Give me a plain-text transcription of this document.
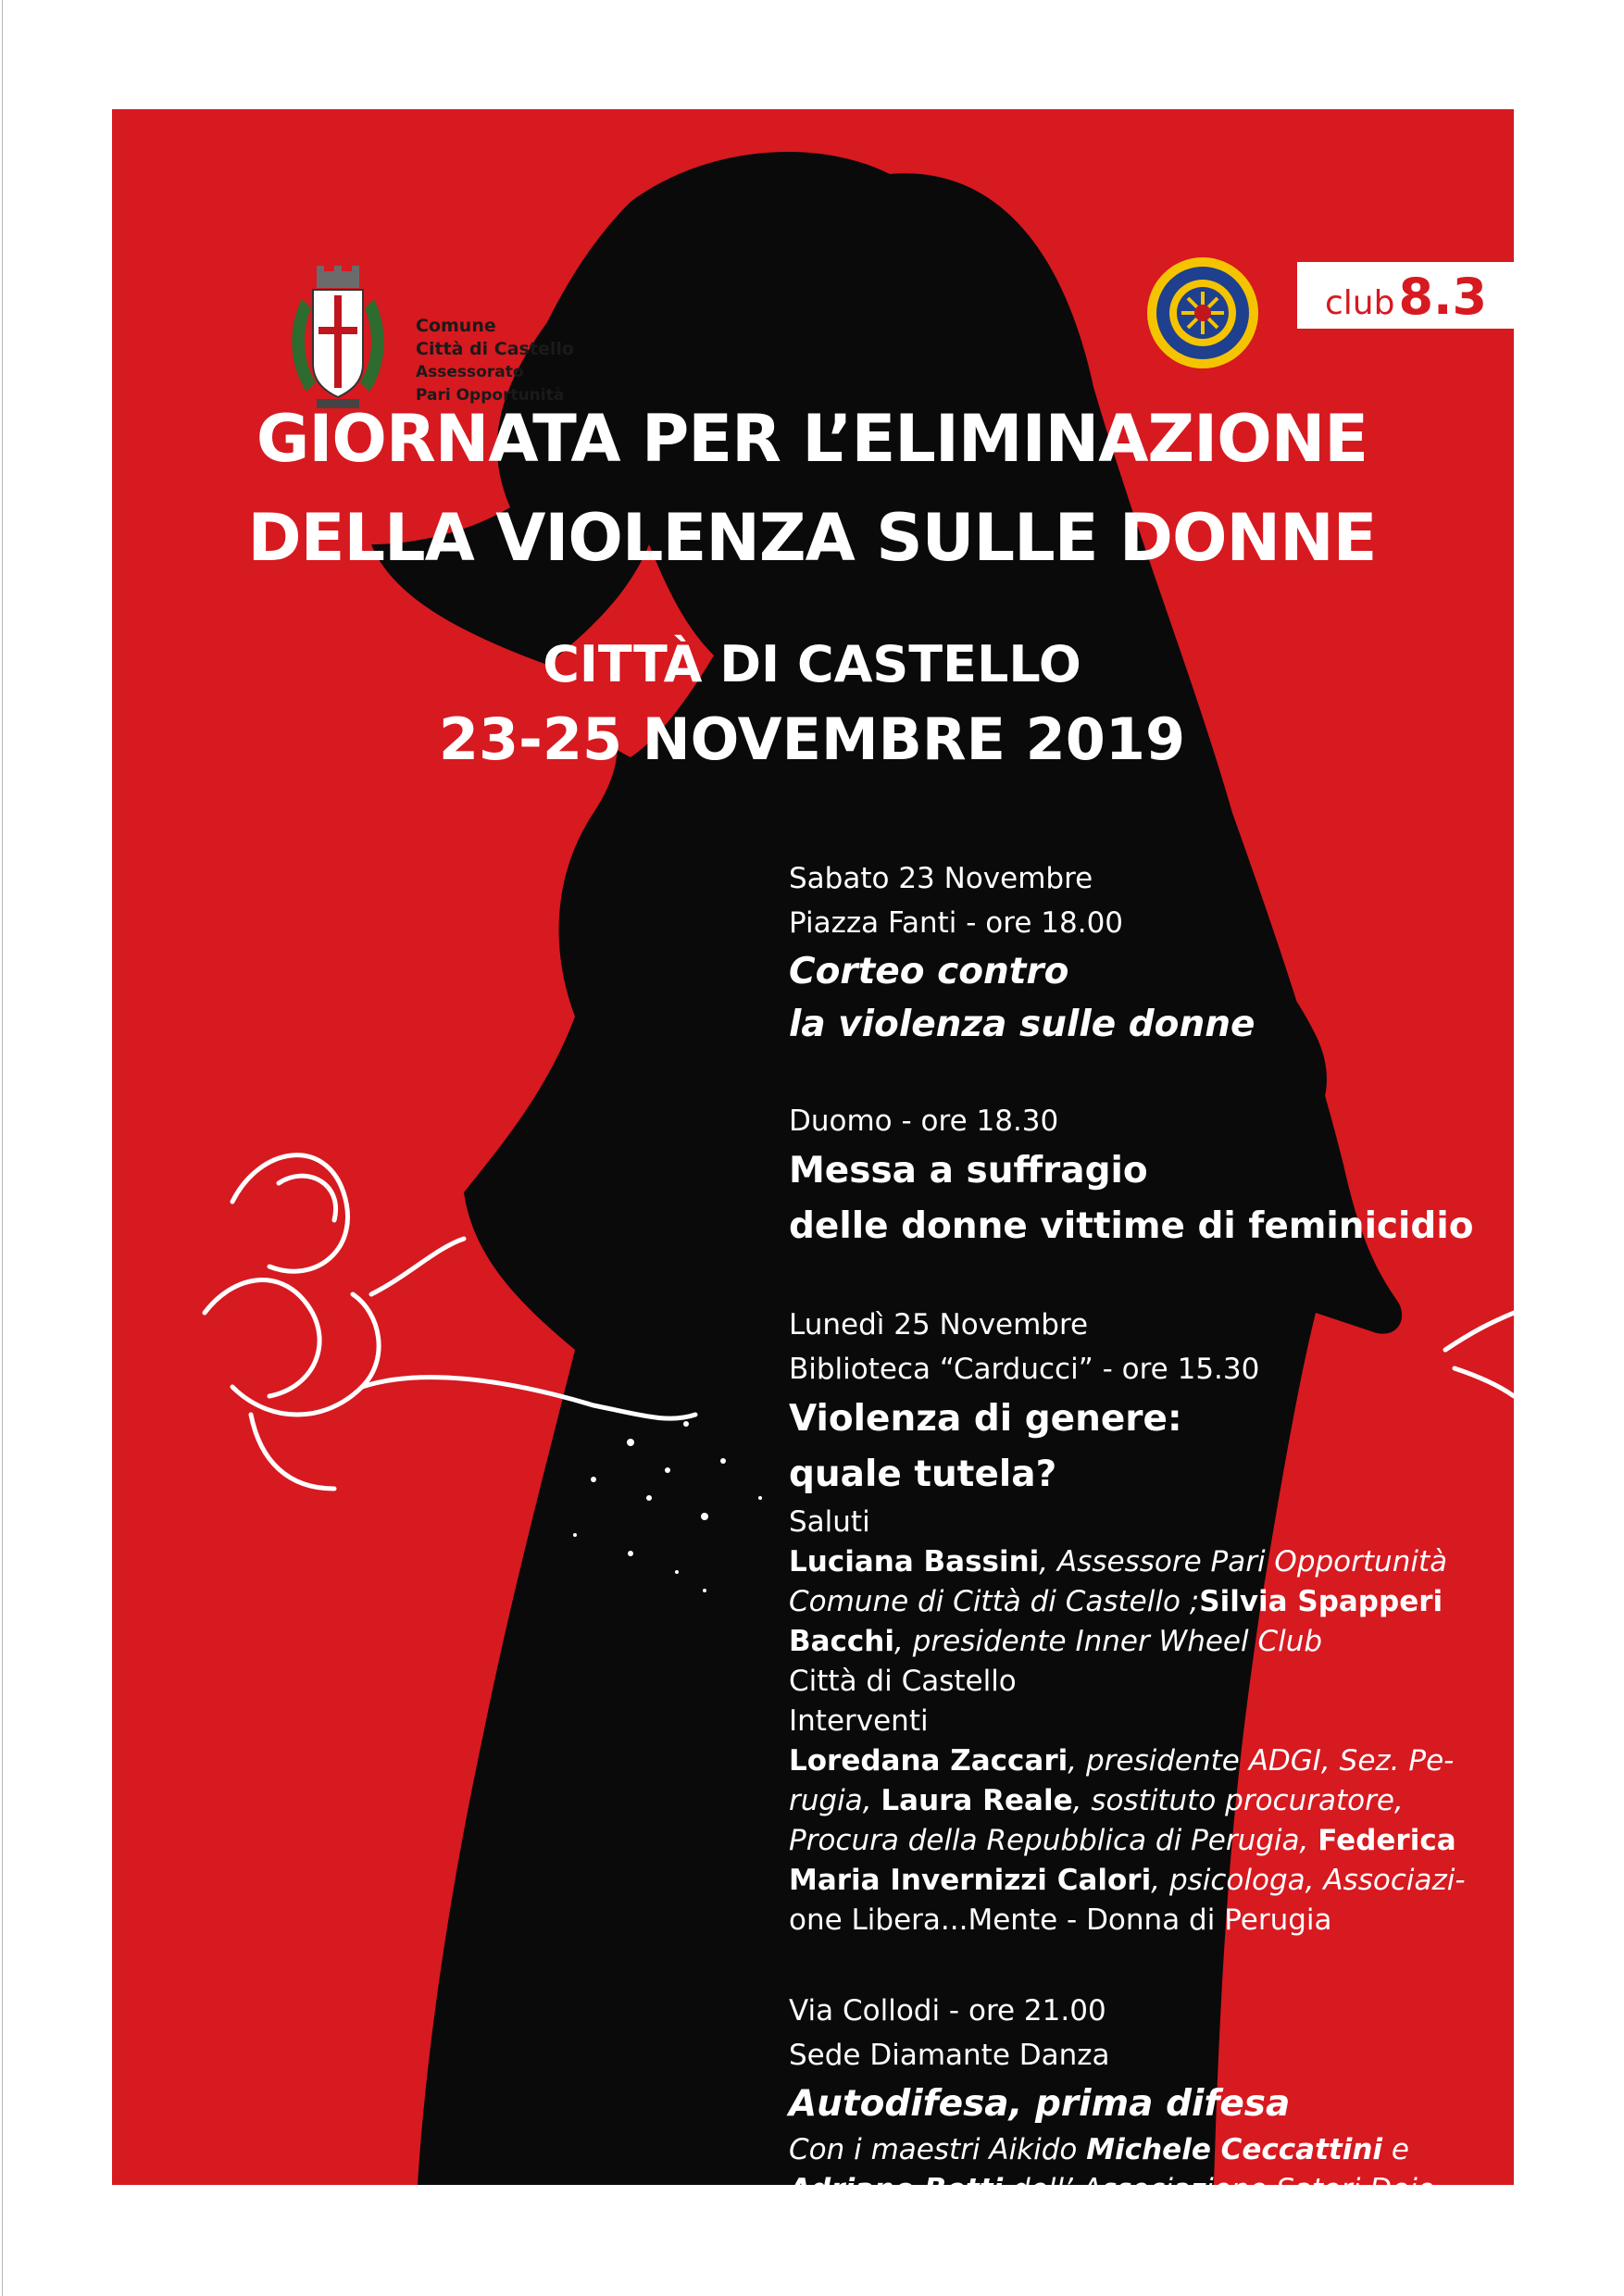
Comune
Città di Castello
Assessorato
Pari Opportunità
club8.3
GIORNATA PER L’ELIMINAZIONE
DELLA VIOLENZA SULLE DONNE
CITTÀ DI CASTELLO
23-25 NOVEMBRE 2019
Sabato 23 Novembre
Piazza Fanti - ore 18.00
Corteo contro
la violenza sulle donne
Duomo - ore 18.30
Messa a suffragio
delle donne vittime di feminicidio
Lunedì 25 Novembre
Biblioteca “Carducci” - ore 15.30
Violenza di genere:
quale tutela?
Saluti
Luciana Bassini, Assessore Pari Opportunità
Comune di Città di Castello ;Silvia Spapperi
Bacchi, presidente Inner Wheel Club
Città di Castello
Interventi
Loredana Zaccari, presidente ADGI, Sez. Pe-
rugia, Laura Reale, sostituto procuratore,
Procura della Repubblica di Perugia, Federica
Maria Invernizzi Calori, psicologa, Associazi-
one Libera...Mente - Donna di Perugia
Via Collodi - ore 21.00
Sede Diamante Danza
Autodifesa, prima difesa
Con i maestri Aikido Michele Ceccattini e
Adriano Betti dell’ Associazione Satori Dojo
